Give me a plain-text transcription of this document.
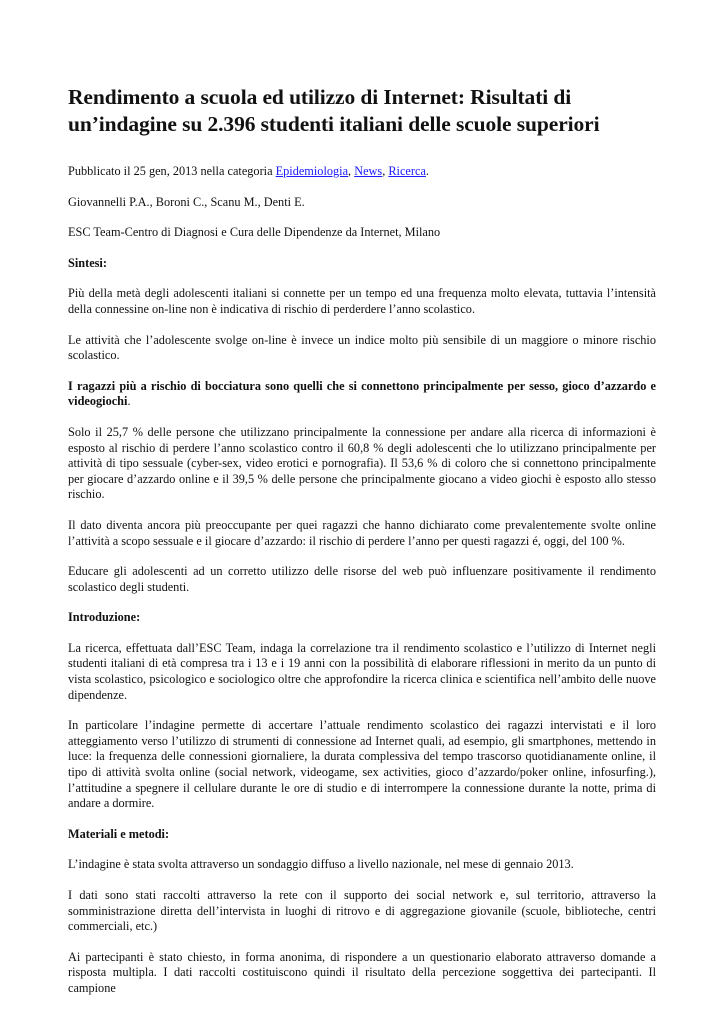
Rendimento a scuola ed utilizzo di Internet: Risultati di un’indagine su 2.396 studenti italiani delle scuole superiori

Pubblicato il 25 gen, 2013 nella categoria Epidemiologia, News, Ricerca.

Giovannelli P.A., Boroni C., Scanu M., Denti E.

ESC Team-Centro di Diagnosi e Cura delle Dipendenze da Internet, Milano

Sintesi:

Più della metà degli adolescenti italiani si connette per un tempo ed una frequenza molto elevata, tuttavia l’intensità della connessine on-line non è indicativa di rischio di perderdere l’anno scolastico.

Le attività che l’adolescente svolge on-line è invece un indice molto più sensibile di un maggiore o minore rischio scolastico.

I ragazzi più a rischio di bocciatura sono quelli che si connettono principalmente per sesso, gioco d’azzardo e videogiochi.

Solo il 25,7 % delle persone che utilizzano principalmente la connessione per andare alla ricerca di informazioni è esposto al rischio di perdere l’anno scolastico contro il 60,8 % degli adolescenti che lo utilizzano principalmente per attività di tipo sessuale (cyber-sex, video erotici e pornografia). Il 53,6 % di coloro che si connettono principalmente per giocare d’azzardo online e il 39,5 % delle persone che principalmente giocano a video giochi è esposto allo stesso rischio.

Il dato diventa ancora più preoccupante per quei ragazzi che hanno dichiarato come prevalentemente svolte online l’attività a scopo sessuale e il giocare d’azzardo: il rischio di perdere l’anno per questi ragazzi é, oggi, del 100 %.

Educare gli adolescenti ad un corretto utilizzo delle risorse del web può influenzare positivamente il rendimento scolastico degli studenti.

Introduzione:

La ricerca, effettuata dall’ESC Team, indaga la correlazione tra il rendimento scolastico e l’utilizzo di Internet negli studenti italiani di età compresa tra i 13 e i 19 anni con la possibilità di elaborare riflessioni in merito da un punto di vista scolastico, psicologico e sociologico oltre che approfondire la ricerca clinica e scientifica nell’ambito delle nuove dipendenze.

In particolare l’indagine permette di accertare l’attuale rendimento scolastico dei ragazzi intervistati e il loro atteggiamento verso l’utilizzo di strumenti di connessione ad Internet quali, ad esempio, gli smartphones, mettendo in luce: la frequenza delle connessioni giornaliere, la durata complessiva del tempo trascorso quotidianamente online, il tipo di attività svolta online (social network, videogame, sex activities, gioco d’azzardo/poker online, infosurfing.), l’attitudine a spegnere il cellulare durante le ore di studio e di interrompere la connessione durante la notte, prima di andare a dormire.

Materiali e metodi:

L’indagine è stata svolta attraverso un sondaggio diffuso a livello nazionale, nel mese di gennaio 2013.

I dati sono stati raccolti attraverso la rete con il supporto dei social network e, sul territorio, attraverso la somministrazione diretta dell’intervista in luoghi di ritrovo e di aggregazione giovanile (scuole, biblioteche, centri commerciali, etc.)

Ai partecipanti è stato chiesto, in forma anonima, di rispondere a un questionario elaborato attraverso domande a risposta multipla. I dati raccolti costituiscono quindi il risultato della percezione soggettiva dei partecipanti. Il campione
